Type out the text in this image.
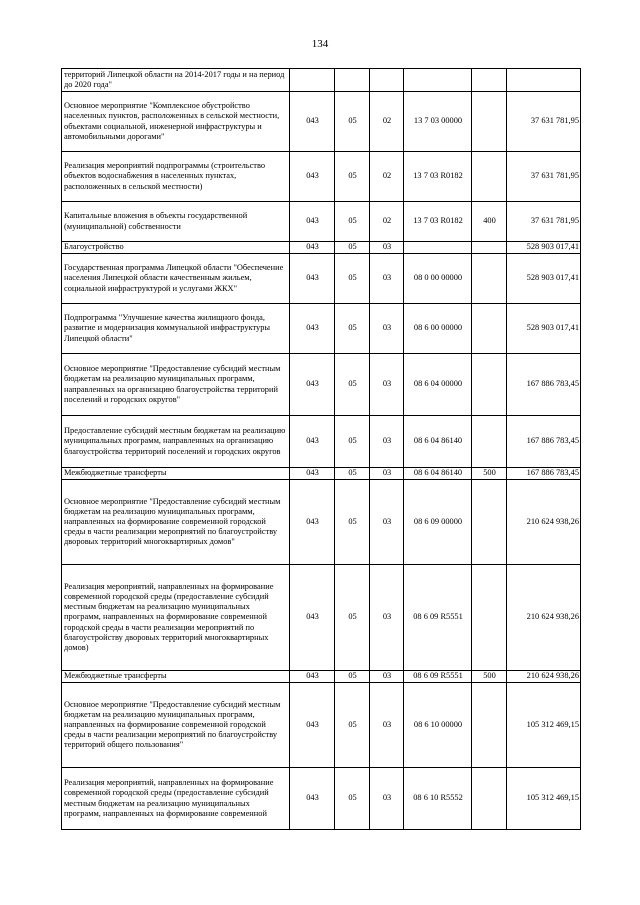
134
территорий Липецкой области на 2014-2017 годы и на период до 2020 года"						
Основное мероприятие "Комплексное обустройство населенных пунктов, расположенных в сельской местности, объектами социальной, инженерной инфраструктуры и автомобильными дорогами"	043	05	02	13 7 03 00000		37 631 781,95
Реализация мероприятий подпрограммы (строительство объектов водоснабжения в населенных пунктах, расположенных в сельской местности)	043	05	02	13 7 03 R0182		37 631 781,95
Капитальные вложения в объекты государственной (муниципальной) собственности	043	05	02	13 7 03 R0182	400	37 631 781,95
Благоустройство	043	05	03			528 903 017,41
Государственная программа Липецкой области "Обеспечение населения Липецкой области качественным жильем, социальной инфраструктурой и услугами ЖКХ"	043	05	03	08 0 00 00000		528 903 017,41
Подпрограмма "Улучшение качества жилищного фонда, развитие и модернизация коммунальной инфраструктуры Липецкой области"	043	05	03	08 6 00 00000		528 903 017,41
Основное мероприятие "Предоставление субсидий местным бюджетам на реализацию муниципальных программ, направленных на организацию благоустройства территорий поселений и городских округов"	043	05	03	08 6 04 00000		167 886 783,45
Предоставление субсидий местным бюджетам на реализацию муниципальных программ, направленных на организацию благоустройства территорий поселений и городских округов	043	05	03	08 6 04 86140		167 886 783,45
Межбюджетные трансферты	043	05	03	08 6 04 86140	500	167 886 783,45
Основное мероприятие "Предоставление субсидий местным бюджетам на реализацию муниципальных программ, направленных на формирование современной городской среды в части реализации мероприятий по благоустройству дворовых территорий многоквартирных домов"	043	05	03	08 6 09 00000		210 624 938,26
Реализация мероприятий, направленных на формирование современной городской среды (предоставление субсидий местным бюджетам на реализацию муниципальных программ, направленных на формирование современной городской среды в части реализации мероприятий по благоустройству дворовых территорий многоквартирных домов)	043	05	03	08 6 09 R5551		210 624 938,26
Межбюджетные трансферты	043	05	03	08 6 09 R5551	500	210 624 938,26
Основное мероприятие "Предоставление субсидий местным бюджетам на реализацию муниципальных программ, направленных на формирование современной городской среды в части реализации мероприятий по благоустройству территорий общего пользования"	043	05	03	08 6 10 00000		105 312 469,15
Реализация мероприятий, направленных на формирование современной городской среды (предоставление субсидий местным бюджетам на реализацию муниципальных программ, направленных на формирование современной	043	05	03	08 6 10 R5552		105 312 469,15
